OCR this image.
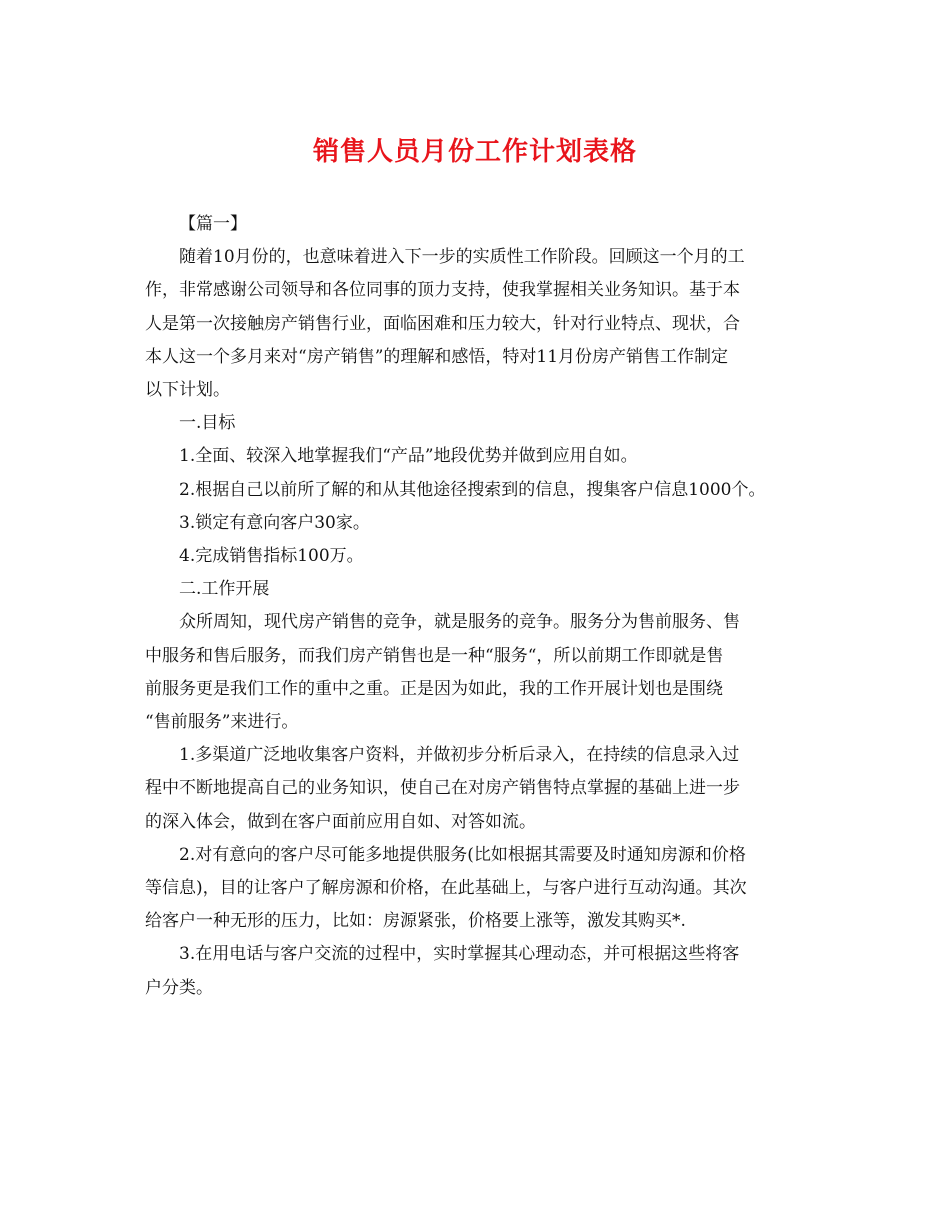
销售人员月份工作计划表格

【篇一】

随着10月份的，也意味着进入下一步的实质性工作阶段。回顾这一个月的工

作，非常感谢公司领导和各位同事的顶力支持，使我掌握相关业务知识。基于本

人是第一次接触房产销售行业，面临困难和压力较大，针对行业特点、现状，合

本人这一个多月来对“房产销售”的理解和感悟，特对11月份房产销售工作制定

以下计划。

一.目标

1.全面、较深入地掌握我们“产品”地段优势并做到应用自如。

2.根据自己以前所了解的和从其他途径搜索到的信息，搜集客户信息1000个。

3.锁定有意向客户30家。

4.完成销售指标100万。

二.工作开展

众所周知，现代房产销售的竞争，就是服务的竞争。服务分为售前服务、售

中服务和售后服务，而我们房产销售也是一种“服务“，所以前期工作即就是售

前服务更是我们工作的重中之重。正是因为如此，我的工作开展计划也是围绕

“售前服务”来进行。

1.多渠道广泛地收集客户资料，并做初步分析后录入，在持续的信息录入过

程中不断地提高自己的业务知识，使自己在对房产销售特点掌握的基础上进一步

的深入体会，做到在客户面前应用自如、对答如流。

2.对有意向的客户尽可能多地提供服务(比如根据其需要及时通知房源和价格

等信息)，目的让客户了解房源和价格，在此基础上，与客户进行互动沟通。其次

给客户一种无形的压力，比如：房源紧张，价格要上涨等，激发其购买*.

3.在用电话与客户交流的过程中，实时掌握其心理动态，并可根据这些将客

户分类。
